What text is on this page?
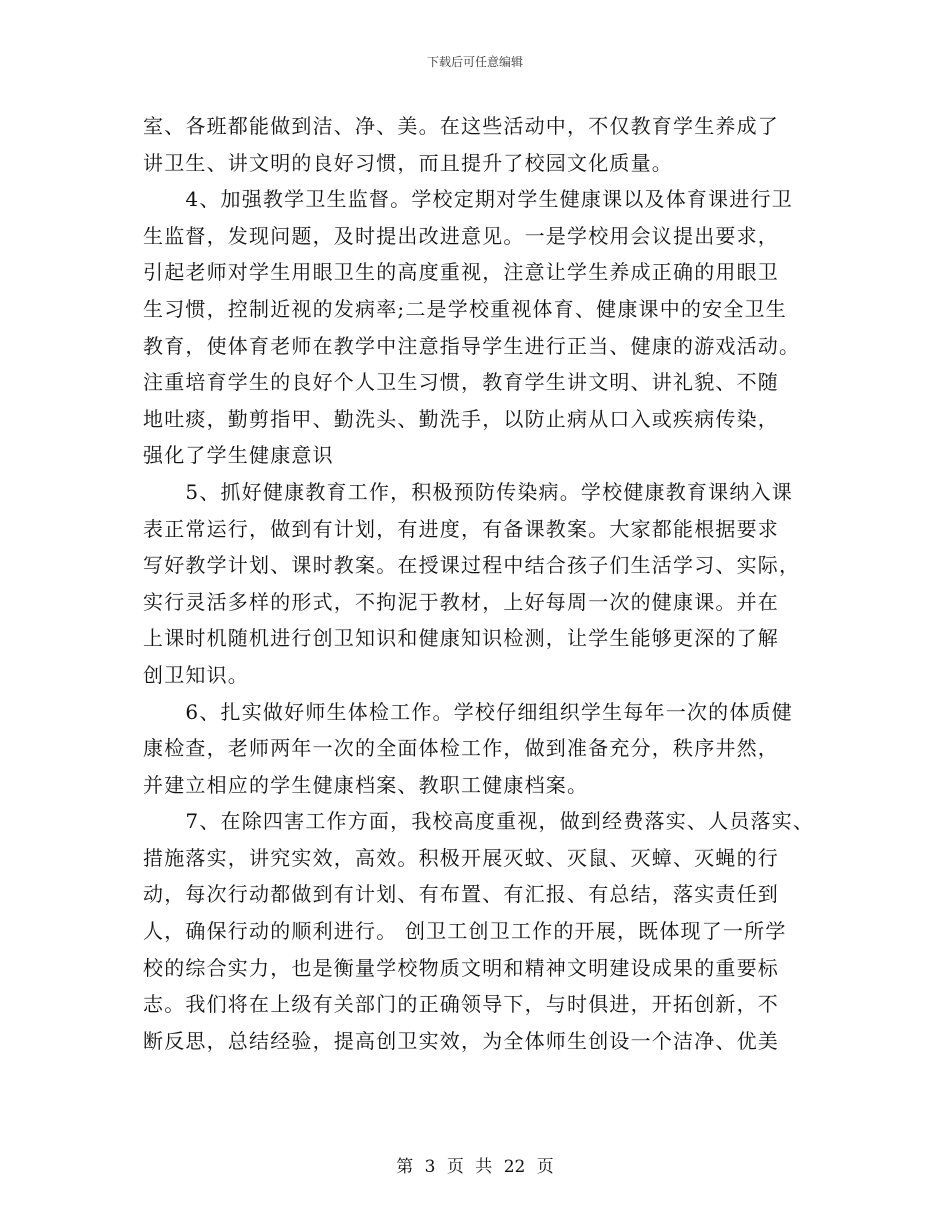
下载后可任意编辑
室、各班都能做到洁、净、美。在这些活动中，不仅教育学生养成了
讲卫生、讲文明的良好习惯，而且提升了校园文化质量。
　　4、加强教学卫生监督。学校定期对学生健康课以及体育课进行卫
生监督，发现问题，及时提出改进意见。一是学校用会议提出要求，
引起老师对学生用眼卫生的高度重视，注意让学生养成正确的用眼卫
生习惯，控制近视的发病率;二是学校重视体育、健康课中的安全卫生
教育，使体育老师在教学中注意指导学生进行正当、健康的游戏活动。
注重培育学生的良好个人卫生习惯，教育学生讲文明、讲礼貌、不随
地吐痰，勤剪指甲、勤洗头、勤洗手，以防止病从口入或疾病传染，
强化了学生健康意识
　　5、抓好健康教育工作，积极预防传染病。学校健康教育课纳入课
表正常运行，做到有计划，有进度，有备课教案。大家都能根据要求
写好教学计划、课时教案。在授课过程中结合孩子们生活学习、实际，
实行灵活多样的形式，不拘泥于教材，上好每周一次的健康课。并在
上课时机随机进行创卫知识和健康知识检测，让学生能够更深的了解
创卫知识。
　　6、扎实做好师生体检工作。学校仔细组织学生每年一次的体质健
康检查，老师两年一次的全面体检工作，做到准备充分，秩序井然，
并建立相应的学生健康档案、教职工健康档案。
　　7、在除四害工作方面，我校高度重视，做到经费落实、人员落实、
措施落实，讲究实效，高效。积极开展灭蚊、灭鼠、灭蟑、灭蝇的行
动，每次行动都做到有计划、有布置、有汇报、有总结，落实责任到
人，确保行动的顺利进行。 创卫工创卫工作的开展，既体现了一所学
校的综合实力，也是衡量学校物质文明和精神文明建设成果的重要标
志。我们将在上级有关部门的正确领导下，与时俱进，开拓创新，不
断反思，总结经验，提高创卫实效，为全体师生创设一个洁净、优美
第 3 页 共 22 页
